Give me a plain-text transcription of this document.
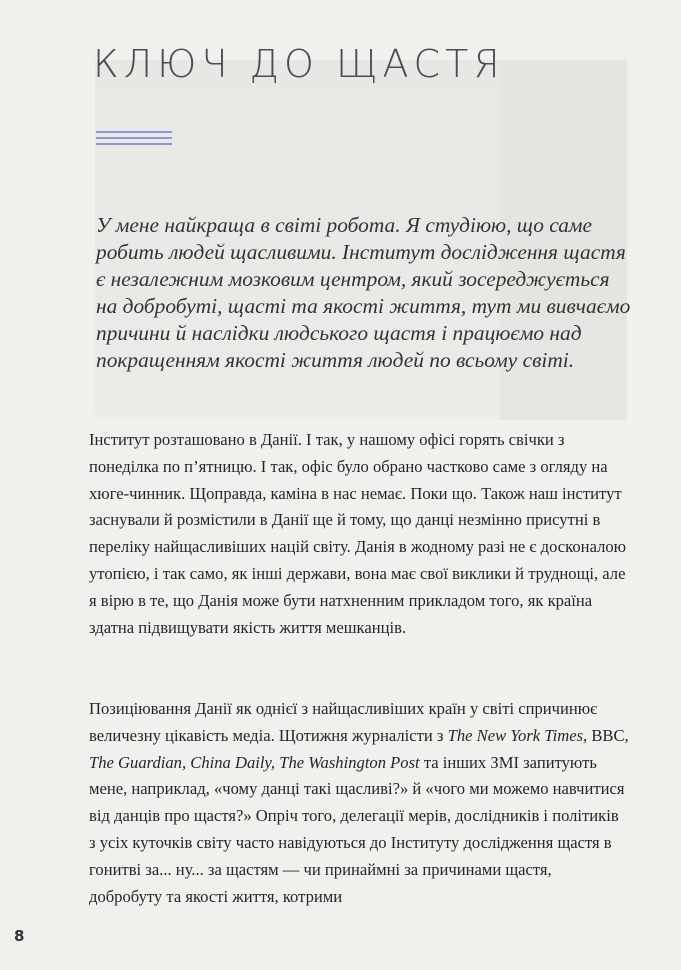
КЛЮЧ ДО ЩАСТЯ

У мене найкраща в світі робота. Я студіюю, що саме робить людей щасливими. Інститут дослідження щастя є незалежним мозковим центром, який зосереджується на добробуті, щасті та якості життя, тут ми вивчаємо причини й наслідки людського щастя і працюємо над покращенням якості життя людей по всьому світі.

Інститут розташовано в Данії. І так, у нашому офісі горять свічки з понеділка по п’ятницю. І так, офіс було обрано частково саме з огляду на хюге-чинник. Щоправда, каміна в нас немає. Поки що. Також наш інститут заснували й розмістили в Данії ще й тому, що данці незмінно присутні в переліку найщасливіших націй світу. Данія в жодному разі не є досконалою утопією, і так само, як інші держави, вона має свої виклики й труднощі, але я вірю в те, що Данія може бути натхненним прикладом того, як країна здатна підвищувати якість життя мешканців.

Позиціювання Данії як однієї з найщасливіших країн у світі спричинює величезну цікавість медіа. Щотижня журналісти з The New York Times, BBC, The Guardian, China Daily, The Washington Post та інших ЗМІ запитують мене, наприклад, «чому данці такі щасливі?» й «чого ми можемо навчитися від данців про щастя?» Опріч того, делегації мерів, дослідників і політиків з усіх куточків світу часто навідуються до Інституту дослідження щастя в гонитві за... ну... за щастям — чи принаймні за причинами щастя, добробуту та якості життя, котрими

8
